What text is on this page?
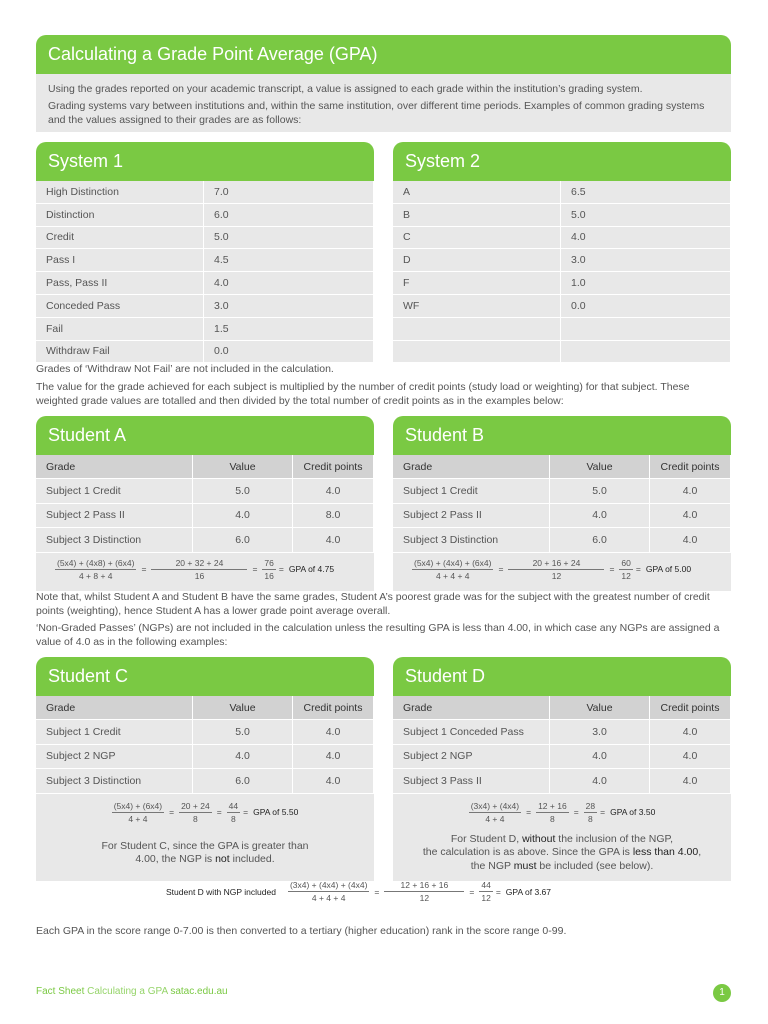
Calculating a Grade Point Average (GPA)
Using the grades reported on your academic transcript, a value is assigned to each grade within the institution’s grading system.
Grading systems vary between institutions and, within the same institution, over different time periods. Examples of common grading systems and the values assigned to their grades are as follows:
System 1
High Distinction	7.0
Distinction	6.0
Credit	5.0
Pass I	4.5
Pass, Pass II	4.0
Conceded Pass	3.0
Fail	1.5
Withdraw Fail	0.0
System 2
A	6.5
B	5.0
C	4.0
D	3.0
F	1.0
WF	0.0

Grades of ‘Withdraw Not Fail’ are not included in the calculation.
The value for the grade achieved for each subject is multiplied by the number of credit points (study load or weighting) for that subject. These weighted grade values are totalled and then divided by the total number of credit points as in the examples below:
Student A
Grade	Value	Credit points
Subject 1 Credit	5.0	4.0
Subject 2 Pass II	4.0	8.0
Subject 3 Distinction	6.0	4.0
$\frac{(5x4) + (4x8) + (6x4)}{4 + 8 + 4} = \frac{20 + 32 + 24}{16} = \frac{76}{16}$ = GPA of 4.75
Student B
Grade	Value	Credit points
Subject 1 Credit	5.0	4.0
Subject 2 Pass II	4.0	4.0
Subject 3 Distinction	6.0	4.0
$\frac{(5x4) + (4x4) + (6x4)}{4 + 4 + 4} = \frac{20 + 16 + 24}{12} = \frac{60}{12}$ = GPA of 5.00
Note that, whilst Student A and Student B have the same grades, Student A’s poorest grade was for the subject with the greatest number of credit points (weighting), hence Student A has a lower grade point average overall.
‘Non-Graded Passes’ (NGPs) are not included in the calculation unless the resulting GPA is less than 4.00, in which case any NGPs are assigned a value of 4.0 as in the following examples:
Student C
Grade	Value	Credit points
Subject 1 Credit	5.0	4.0
Subject 2 NGP	4.0	4.0
Subject 3 Distinction	6.0	4.0
$\frac{(5x4) + (6x4)}{4 + 4} = \frac{20 + 24}{8} = \frac{44}{8}$ = GPA of 5.50
For Student C, since the GPA is greater than
4.00, the NGP is not included.
Student D
Grade	Value	Credit points
Subject 1 Conceded Pass	3.0	4.0
Subject 2 NGP	4.0	4.0
Subject 3 Pass II	4.0	4.0
$\frac{(3x4) + (4x4)}{4 + 4} = \frac{12 + 16}{8} = \frac{28}{8}$ = GPA of 3.50
For Student D, without the inclusion of the NGP,
the calculation is as above. Since the GPA is less than 4.00,
the NGP must be included (see below).
Student D with NGP included $\frac{(3x4) + (4x4) + (4x4)}{4 + 4 + 4} = \frac{12 + 16 + 16}{12} = \frac{44}{12}$ = GPA of 3.67
Each GPA in the score range 0-7.00 is then converted to a tertiary (higher education) rank in the score range 0-99.
Fact Sheet Calculating a GPA satac.edu.au	1
